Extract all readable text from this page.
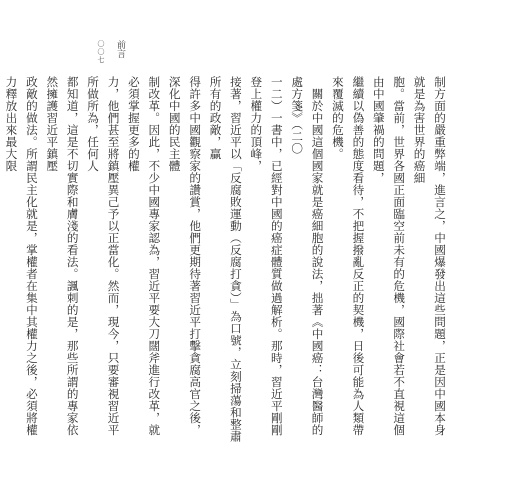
〇〇七 前言

制方面的嚴重弊端，進言之，中國爆發出這些問題，正是因中國本身就是為害世界的癌細

胞。當前，世界各國正面臨空前未有的危機，國際社會若不直視這個由中國肇禍的問題，

繼續以偽善的態度看待，不把握撥亂反正的契機，日後可能為人類帶來覆滅的危機。

　關於中國這個國家就是癌細胞的說法，拙著《中國癌：台灣醫師的處方箋》（二〇

一二）一書中，已經對中國的癌症體質做過解析。那時，習近平剛剛登上權力的頂峰，

接著，習近平以「反腐敗運動（反腐打貪）」為口號，立刻掃蕩和整肅所有的政敵，贏

得許多中國觀察家的讚賞，他們更期待著習近平打擊貪腐高官之後，深化中國的民主體

制改革。因此，不少中國專家認為，習近平要大刀闊斧進行改革，就必須掌握更多的權

力，他們甚至將鎮壓異己予以正當化。然而，現今，只要審視習近平所做所為，任何人

都知道，這是不切實際和膚淺的看法。諷刺的是，那些所謂的專家依然擁護習近平鎮壓

政敵的做法。所謂民主化就是，掌權者在集中其權力之後，必須將權力釋放出來最大限
